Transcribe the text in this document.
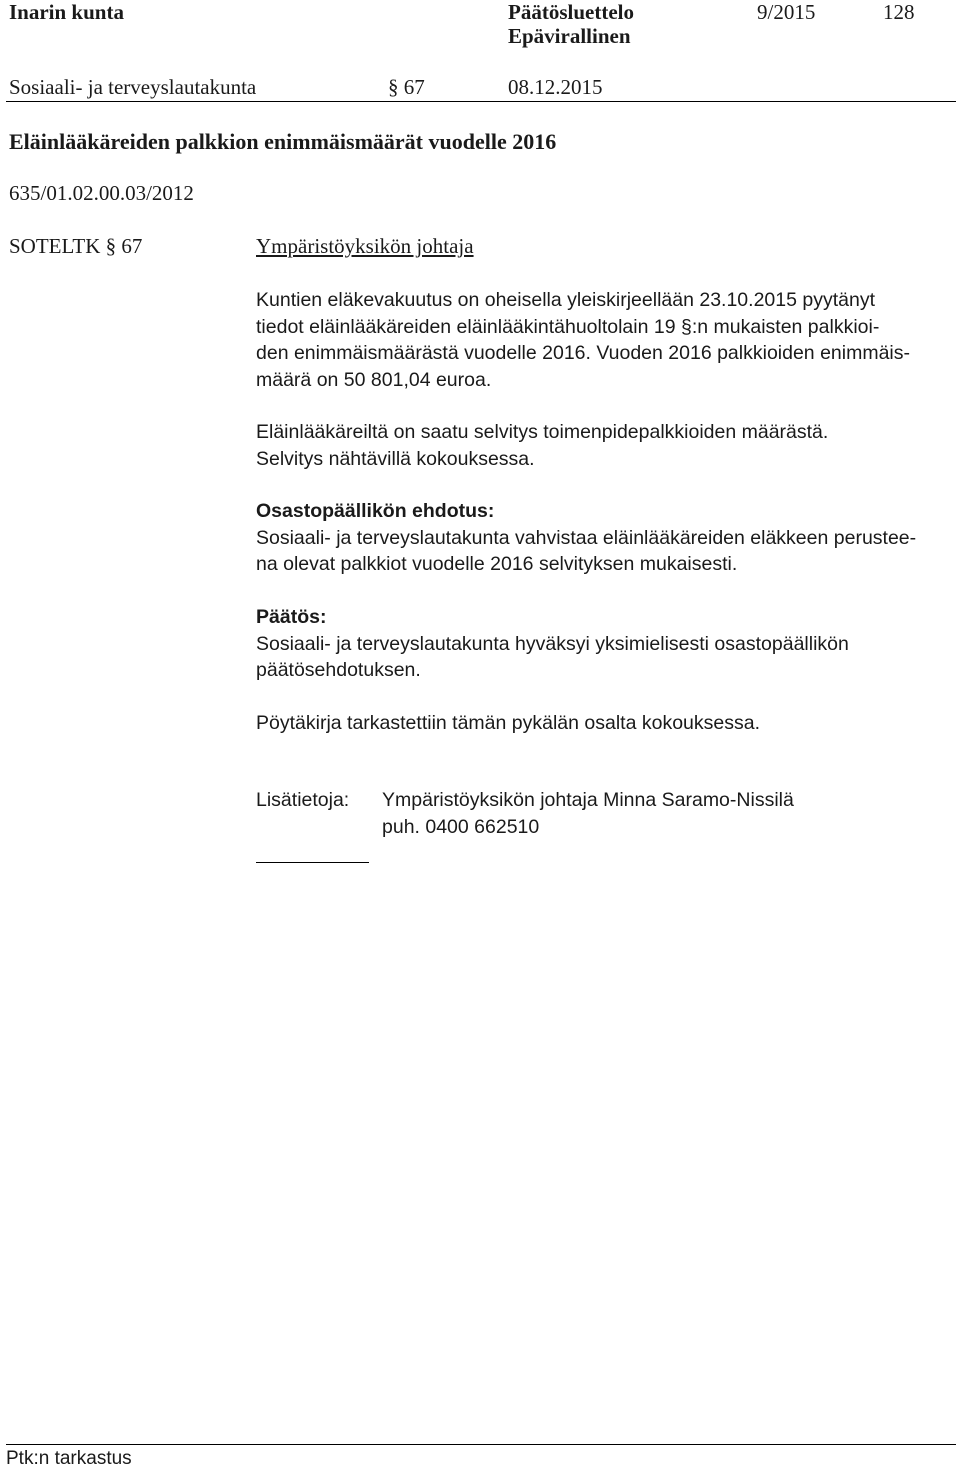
Inarin kunta	Päätösluettelo
Epävirallinen
9/2015	128
Sosiaali- ja terveyslautakunta	§ 67	08.12.2015
Eläinlääkäreiden palkkion enimmäismäärät vuodelle 2016
635/01.02.00.03/2012
SOTELTK § 67	Ympäristöyksikön johtaja
Kuntien eläkevakuutus on oheisella yleiskirjeellään 23.10.2015 pyytänyt
tiedot eläinlääkäreiden eläinlääkintähuoltolain 19 §:n mukaisten palkkioi-
den enimmäismäärästä vuodelle 2016. Vuoden 2016 palkkioiden enimmäis-
määrä on 50 801,04 euroa.
Eläinlääkäreiltä on saatu selvitys toimenpidepalkkioiden määrästä.
Selvitys nähtävillä kokouksessa.
Osastopäällikön ehdotus:
Sosiaali- ja terveyslautakunta vahvistaa eläinlääkäreiden eläkkeen perustee-
na olevat palkkiot vuodelle 2016 selvityksen mukaisesti.
Päätös:
Sosiaali- ja terveyslautakunta hyväksyi yksimielisesti osastopäällikön
päätösehdotuksen.
Pöytäkirja tarkastettiin tämän pykälän osalta kokouksessa.
Lisätietoja: Ympäristöyksikön johtaja Minna Saramo-Nissilä
puh. 0400 662510
Ptk:n tarkastus
